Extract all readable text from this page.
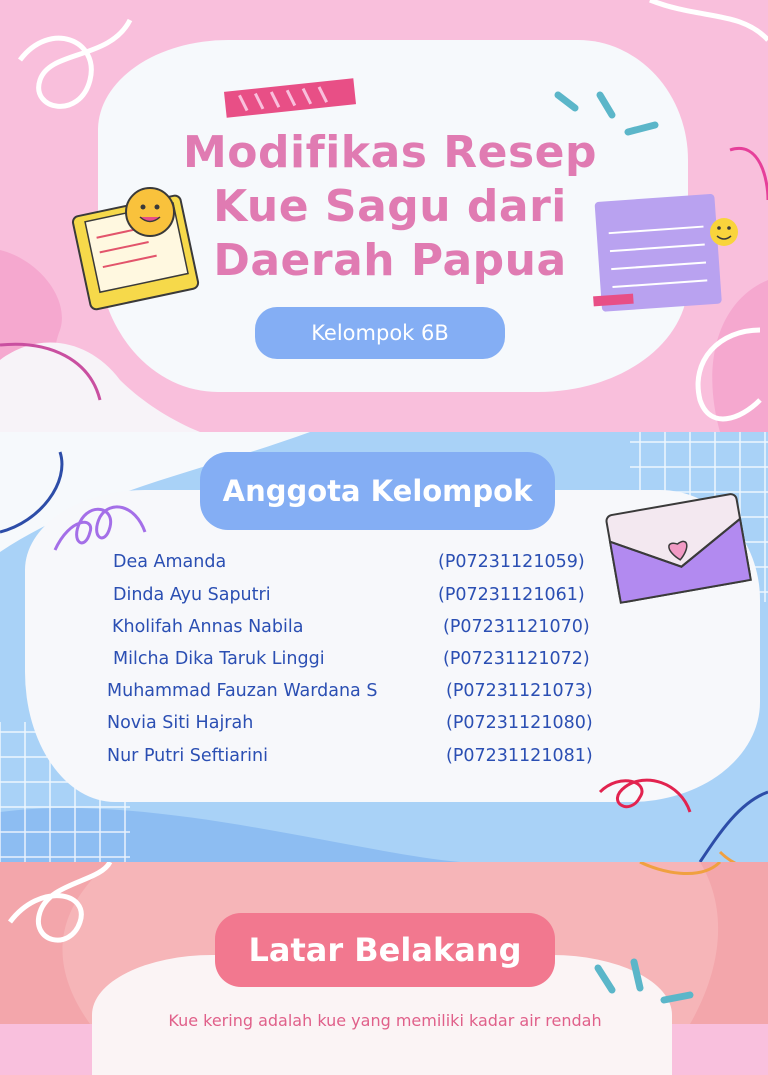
Modifikas Resep
Kue Sagu dari
Daerah Papua
Kelompok 6B
Anggota Kelompok
Dea Amanda	(P07231121059)
Dinda Ayu Saputri	(P07231121061)
Kholifah Annas Nabila	(P07231121070)
Milcha Dika Taruk Linggi	(P07231121072)
Muhammad Fauzan Wardana S	(P07231121073)
Novia Siti Hajrah	(P07231121080)
Nur Putri Seftiarini	(P07231121081)
Latar Belakang
Kue kering adalah kue yang memiliki kadar air rendah
